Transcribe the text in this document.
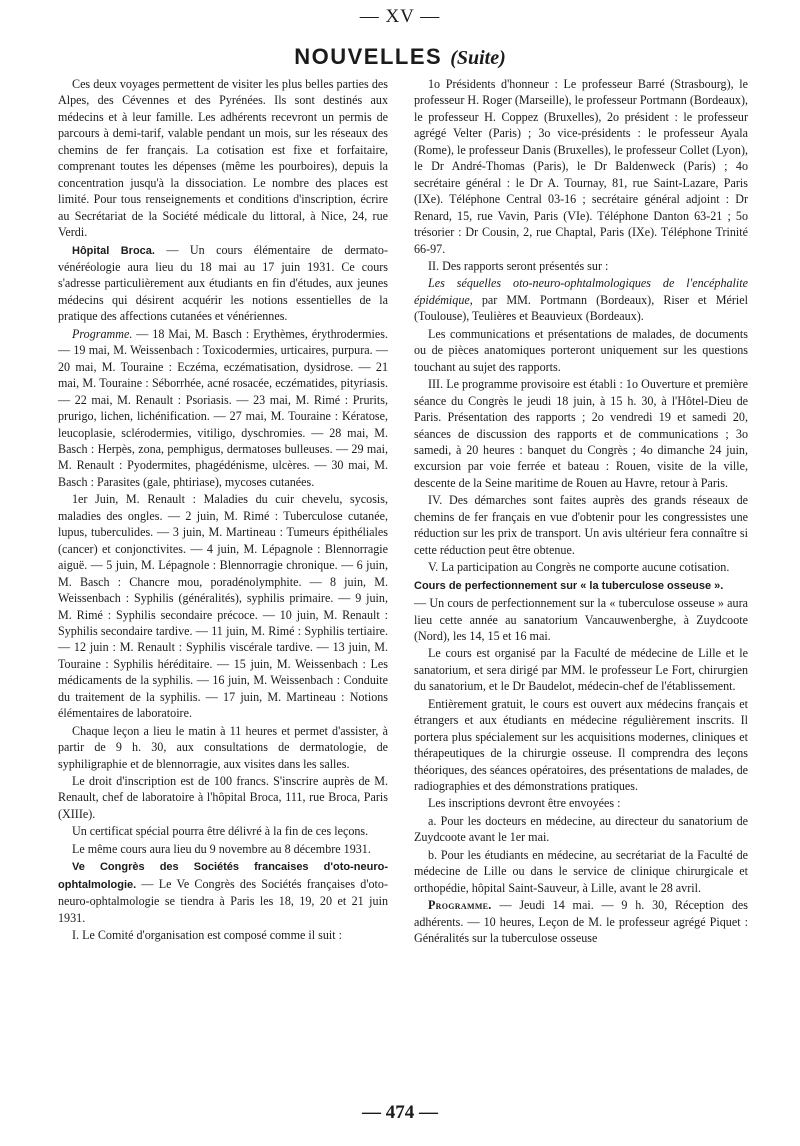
— XV —
NOUVELLES (Suite)

Ces deux voyages permettent de visiter les plus belles parties des Alpes, des Cévennes et des Pyrénées. Ils sont destinés aux médecins et à leur famille. Les adhérents recevront un permis de parcours à demi-tarif, valable pendant un mois, sur les réseaux des chemins de fer français. La cotisation est fixe et forfaitaire, comprenant toutes les dépenses (même les pourboires), depuis la concentration jusqu'à la dissociation. Le nombre des places est limité. Pour tous renseignements et conditions d'inscription, écrire au Secrétariat de la Société médicale du littoral, à Nice, 24, rue Verdi.

Hôpital Broca. — Un cours élémentaire de dermato-vénéréologie aura lieu du 18 mai au 17 juin 1931. Ce cours s'adresse particulièrement aux étudiants en fin d'études, aux jeunes médecins qui désirent acquérir les notions essentielles de la pratique des affections cutanées et vénériennes.

Programme. — 18 Mai, M. Basch : Erythèmes, érythrodermies. — 19 mai, M. Weissenbach : Toxicodermies, urticaires, purpura. — 20 mai, M. Touraine : Eczéma, eczématisation, dysidrose. — 21 mai, M. Touraine : Séborrhée, acné rosacée, eczématides, pityriasis. — 22 mai, M. Renault : Psoriasis. — 23 mai, M. Rimé : Prurits, prurigo, lichen, lichénification. — 27 mai, M. Touraine : Kératose, leucoplasie, sclérodermies, vitiligo, dyschromies. — 28 mai, M. Basch : Herpès, zona, pemphigus, dermatoses bulleuses. — 29 mai, M. Renault : Pyodermites, phagédénisme, ulcères. — 30 mai, M. Basch : Parasites (gale, phtiriase), mycoses cutanées.

1er Juin, M. Renault : Maladies du cuir chevelu, sycosis, maladies des ongles. — 2 juin, M. Rimé : Tuberculose cutanée, lupus, tuberculides. — 3 juin, M. Martineau : Tumeurs épithéliales (cancer) et conjonctivites. — 4 juin, M. Lépagnole : Blennorragie aiguë. — 5 juin, M. Lépagnole : Blennorragie chronique. — 6 juin, M. Basch : Chancre mou, poradénolymphite. — 8 juin, M. Weissenbach : Syphilis (généralités), syphilis primaire. — 9 juin, M. Rimé : Syphilis secondaire précoce. — 10 juin, M. Renault : Syphilis secondaire tardive. — 11 juin, M. Rimé : Syphilis tertiaire. — 12 juin : M. Renault : Syphilis viscérale tardive. — 13 juin, M. Touraine : Syphilis héréditaire. — 15 juin, M. Weissenbach : Les médicaments de la syphilis. — 16 juin, M. Weissenbach : Conduite du traitement de la syphilis. — 17 juin, M. Martineau : Notions élémentaires de laboratoire.

Chaque leçon a lieu le matin à 11 heures et permet d'assister, à partir de 9 h. 30, aux consultations de dermatologie, de syphiligraphie et de blennorragie, aux visites dans les salles.

Le droit d'inscription est de 100 francs. S'inscrire auprès de M. Renault, chef de laboratoire à l'hôpital Broca, 111, rue Broca, Paris (XIIIe).

Un certificat spécial pourra être délivré à la fin de ces leçons.

Le même cours aura lieu du 9 novembre au 8 décembre 1931.

Ve Congrès des Sociétés francaises d'oto-neuro-ophtalmologie. — Le Ve Congrès des Sociétés françaises d'oto-neuro-ophtalmologie se tiendra à Paris les 18, 19, 20 et 21 juin 1931.

I. Le Comité d'organisation est composé comme il suit :

1o Présidents d'honneur : Le professeur Barré (Strasbourg), le professeur H. Roger (Marseille), le professeur Portmann (Bordeaux), le professeur H. Coppez (Bruxelles), 2o président : le professeur agrégé Velter (Paris) ; 3o vice-présidents : le professeur Ayala (Rome), le professeur Danis (Bruxelles), le professeur Collet (Lyon), le Dr André-Thomas (Paris), le Dr Baldenweck (Paris) ; 4o secrétaire général : le Dr A. Tournay, 81, rue Saint-Lazare, Paris (IXe). Téléphone Central 03-16 ; secrétaire général adjoint : Dr Renard, 15, rue Vavin, Paris (VIe). Téléphone Danton 63-21 ; 5o trésorier : Dr Cousin, 2, rue Chaptal, Paris (IXe). Téléphone Trinité 66-97.

II. Des rapports seront présentés sur :

Les séquelles oto-neuro-ophtalmologiques de l'encéphalite épidémique, par MM. Portmann (Bordeaux), Riser et Mériel (Toulouse), Teulières et Beauvieux (Bordeaux).

Les communications et présentations de malades, de documents ou de pièces anatomiques porteront uniquement sur les questions touchant au sujet des rapports.

III. Le programme provisoire est établi : 1o Ouverture et première séance du Congrès le jeudi 18 juin, à 15 h. 30, à l'Hôtel-Dieu de Paris. Présentation des rapports ; 2o vendredi 19 et samedi 20, séances de discussion des rapports et de communications ; 3o samedi, à 20 heures : banquet du Congrès ; 4o dimanche 24 juin, excursion par voie ferrée et bateau : Rouen, visite de la ville, descente de la Seine maritime de Rouen au Havre, retour à Paris.

IV. Des démarches sont faites auprès des grands réseaux de chemins de fer français en vue d'obtenir pour les congressistes une réduction sur les prix de transport. Un avis ultérieur fera connaître si cette réduction peut être obtenue.

V. La participation au Congrès ne comporte aucune cotisation.

Cours de perfectionnement sur « la tuberculose osseuse ».

— Un cours de perfectionnement sur la « tuberculose osseuse » aura lieu cette année au sanatorium Vancauwenberghe, à Zuydcoote (Nord), les 14, 15 et 16 mai.

Le cours est organisé par la Faculté de médecine de Lille et le sanatorium, et sera dirigé par MM. le professeur Le Fort, chirurgien du sanatorium, et le Dr Baudelot, médecin-chef de l'établissement.

Entièrement gratuit, le cours est ouvert aux médecins français et étrangers et aux étudiants en médecine régulièrement inscrits. Il portera plus spécialement sur les acquisitions modernes, cliniques et thérapeutiques de la chirurgie osseuse. Il comprendra des leçons théoriques, des séances opératoires, des présentations de malades, de radiographies et des démonstrations pratiques.

Les inscriptions devront être envoyées :

a. Pour les docteurs en médecine, au directeur du sanatorium de Zuydcoote avant le 1er mai.

b. Pour les étudiants en médecine, au secrétariat de la Faculté de médecine de Lille ou dans le service de clinique chirurgicale et orthopédie, hôpital Saint-Sauveur, à Lille, avant le 28 avril.

Programme. — Jeudi 14 mai. — 9 h. 30, Réception des adhérents. — 10 heures, Leçon de M. le professeur agrégé Piquet : Généralités sur la tuberculose osseuse

— 474 —
